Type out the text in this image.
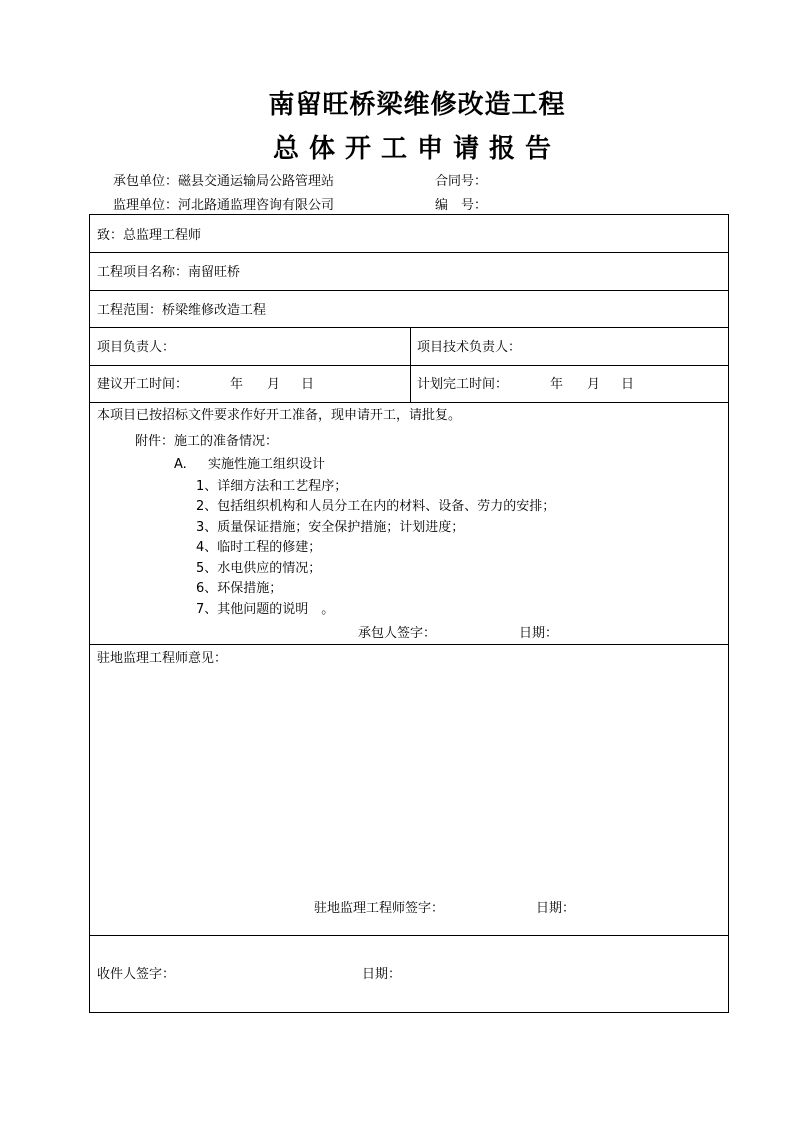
南留旺桥梁维修改造工程
总体开工申请报告
承包单位：磁县交通运输局公路管理站	合同号：
监理单位：河北路通监理咨询有限公司	编　号：
致：总监理工程师
工程项目名称：南留旺桥
工程范围：桥梁维修改造工程
项目负责人：	项目技术负责人：
建议开工时间：	年 月 日	计划完工时间：	年 月 日
本项目已按招标文件要求作好开工准备，现申请开工，请批复。
附件：施工的准备情况：
A. 实施性施工组织设计
1、详细方法和工艺程序；
2、包括组织机构和人员分工在内的材料、设备、劳力的安排；
3、质量保证措施；安全保护措施；计划进度；
4、临时工程的修建；
5、水电供应的情况；
6、环保措施；
7、其他问题的说明　。
承包人签字：	日期：
驻地监理工程师意见：
驻地监理工程师签字：	日期：
收件人签字：	日期：
